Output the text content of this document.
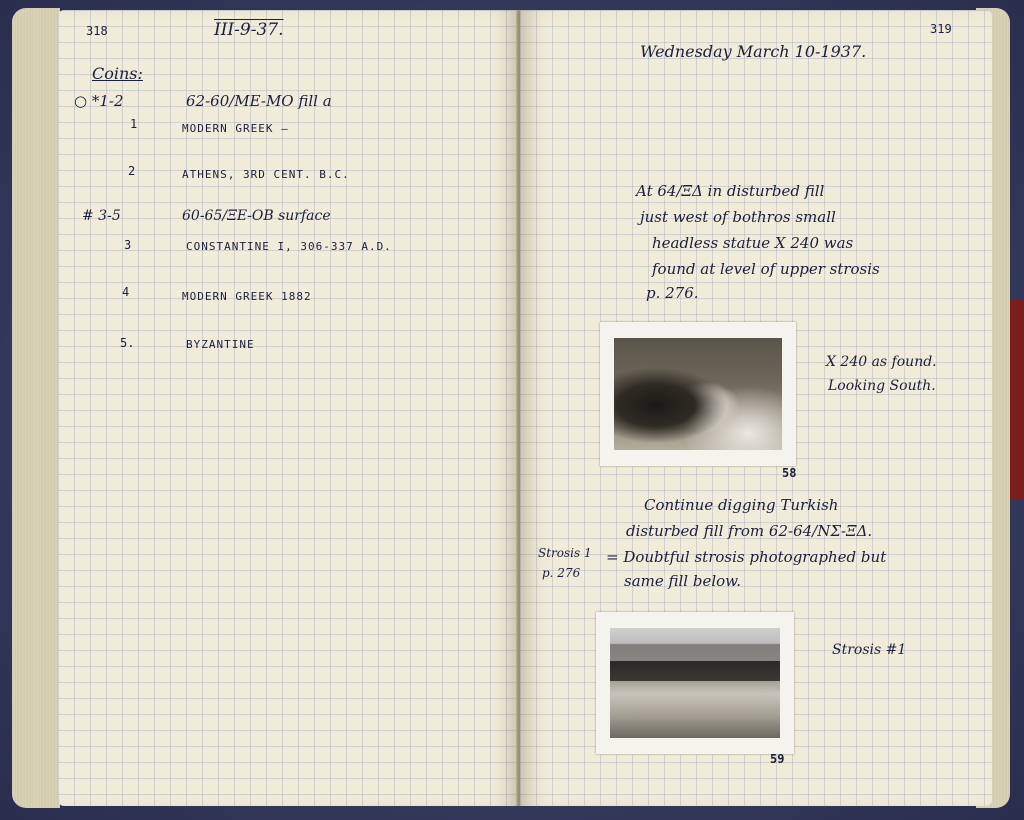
318	III-9-37.
Coins:
○ *1-2	62-60/ME-MO fill a
1	MODERN GREEK —
2	ATHENS, 3RD CENT. B.C.
# 3-5	60-65/ΞΕ-ΟΒ surface
3	CONSTANTINE I, 306-337 A.D.
4	MODERN GREEK 1882
5.	BYZANTINE
319
Wednesday March 10-1937.
At 64/ΞΔ in disturbed fill
just west of bothros small
headless statue X 240 was
found at level of upper strosis
p. 276.
58
X 240 as found.
Looking South.
Continue digging Turkish
disturbed fill from 62-64/NΣ-ΞΔ.
= Doubtful strosis photographed but
same fill below.
Strosis 1
p. 276
59
Strosis #1
